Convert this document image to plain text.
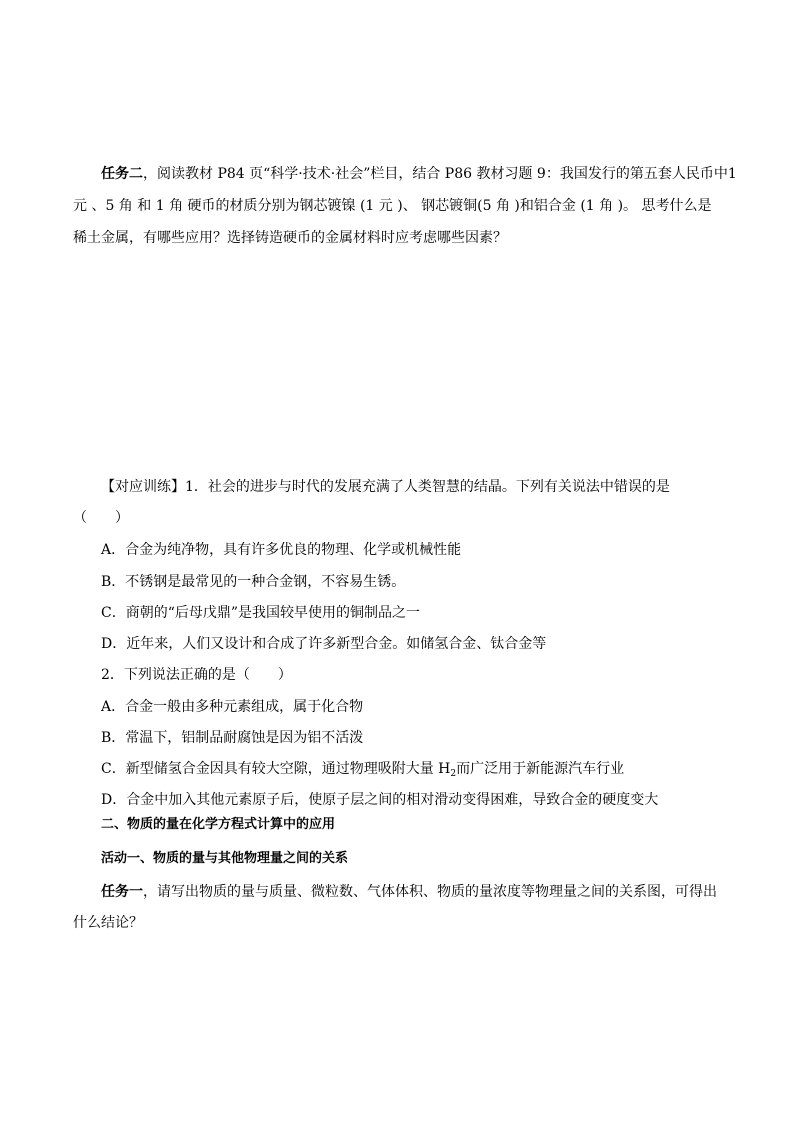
任务二，阅读教材 P84 页“科学·技术·社会”栏目，结合 P86 教材习题 9：我国发行的第五套人民币中1
元 、5 角 和 1 角 硬币的材质分别为钢芯镀镍 (1 元 )、 钢芯镀铜(5 角 )和铝合金 (1 角 )。 思考什么是
稀土金属，有哪些应用？选择铸造硬币的金属材料时应考虑哪些因素？
【对应训练】1．社会的进步与时代的发展充满了人类智慧的结晶。下列有关说法中错误的是
（　　）
A．合金为纯净物，具有许多优良的物理、化学或机械性能
B．不锈钢是最常见的一种合金钢，不容易生锈。
C．商朝的“后母戊鼎”是我国较早使用的铜制品之一
D．近年来，人们又设计和合成了许多新型合金。如储氢合金、钛合金等
2．下列说法正确的是（　　）
A．合金一般由多种元素组成，属于化合物
B．常温下，铝制品耐腐蚀是因为铝不活泼
C．新型储氢合金因具有较大空隙，通过物理吸附大量 $H_2$而广泛用于新能源汽车行业
D．合金中加入其他元素原子后，使原子层之间的相对滑动变得困难，导致合金的硬度变大
二、物质的量在化学方程式计算中的应用
活动一、物质的量与其他物理量之间的关系
任务一，请写出物质的量与质量、微粒数、气体体积、物质的量浓度等物理量之间的关系图，可得出
什么结论？
